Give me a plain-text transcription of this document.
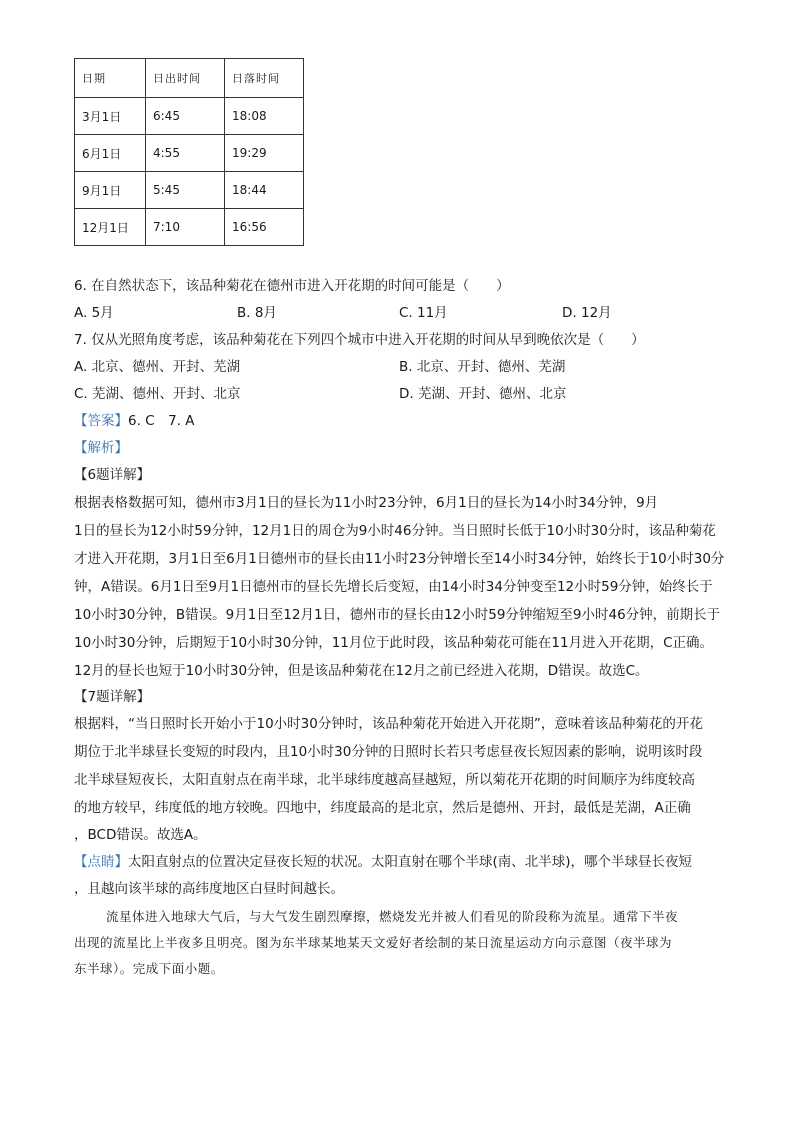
日期	日出时间	日落时间
3月1日	6:45	18:08
6月1日	4:55	19:29
9月1日	5:45	18:44
12月1日	7:10	16:56
6. 在自然状态下，该品种菊花在德州市进入开花期的时间可能是（　　）
A. 5月	B. 8月	C. 11月	D. 12月
7. 仅从光照角度考虑，该品种菊花在下列四个城市中进入开花期的时间从早到晚依次是（　　）
A. 北京、德州、开封、芜湖	B. 北京、开封、德州、芜湖
C. 芜湖、德州、开封、北京	D. 芜湖、开封、德州、北京
【答案】6. C　7. A
【解析】
【6题详解】
根据表格数据可知，德州市3月1日的昼长为11小时23分钟，6月1日的昼长为14小时34分钟，9月
1日的昼长为12小时59分钟，12月1日的周仓为9小时46分钟。当日照时长低于10小时30分时，该品种菊花
才进入开花期，3月1日至6月1日德州市的昼长由11小时23分钟增长至14小时34分钟，始终长于10小时30分
钟，A错误。6月1日至9月1日德州市的昼长先增长后变短，由14小时34分钟变至12小时59分钟，始终长于
10小时30分钟，B错误。9月1日至12月1日，德州市的昼长由12小时59分钟缩短至9小时46分钟，前期长于
10小时30分钟，后期短于10小时30分钟，11月位于此时段，该品种菊花可能在11月进入开花期，C正确。
12月的昼长也短于10小时30分钟，但是该品种菊花在12月之前已经进入花期，D错误。故选C。
【7题详解】
根据料，“当日照时长开始小于10小时30分钟时，该品种菊花开始进入开花期”，意味着该品种菊花的开花
期位于北半球昼长变短的时段内，且10小时30分钟的日照时长若只考虑昼夜长短因素的影响，说明该时段
北半球昼短夜长，太阳直射点在南半球，北半球纬度越高昼越短，所以菊花开花期的时间顺序为纬度较高
的地方较早，纬度低的地方较晚。四地中，纬度最高的是北京，然后是德州、开封，最低是芜湖，A正确
，BCD错误。故选A。
【点睛】太阳直射点的位置决定昼夜长短的状况。太阳直射在哪个半球(南、北半球)，哪个半球昼长夜短
，且越向该半球的高纬度地区白昼时间越长。
流星体进入地球大气后，与大气发生剧烈摩擦，燃烧发光并被人们看见的阶段称为流星。通常下半夜
出现的流星比上半夜多且明亮。图为东半球某地某天文爱好者绘制的某日流星运动方向示意图（夜半球为
东半球）。完成下面小题。
